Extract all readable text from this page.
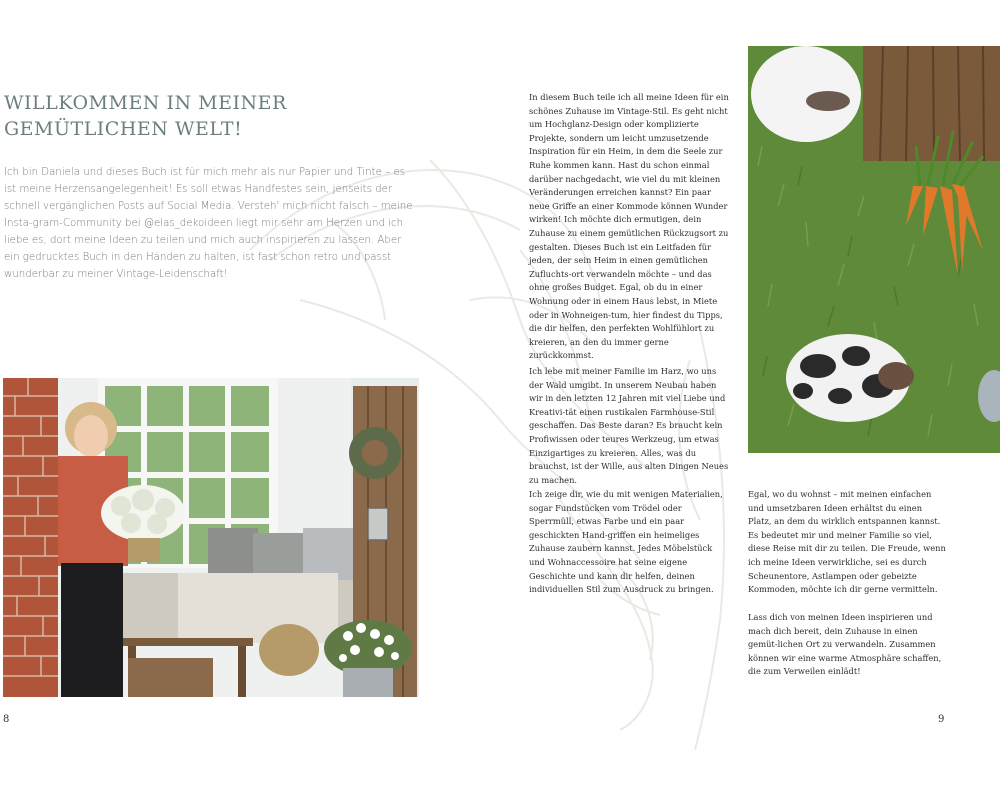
WILLKOMMEN IN MEINER
GEMÜTLICHEN WELT!

Ich bin Daniela und dieses Buch ist für mich mehr als nur Papier und Tinte – es ist meine Herzensangelegenheit! Es soll etwas Handfestes sein, jenseits der schnell vergänglichen Posts auf Social Media. Versteh' mich nicht falsch – meine Insta-gram-Community bei @elas_dekoideen liegt mir sehr am Herzen und ich liebe es, dort meine Ideen zu teilen und mich auch inspirieren zu lassen. Aber ein gedrucktes Buch in den Händen zu halten, ist fast schon retro und passt wunderbar zu meiner Vintage-Leidenschaft!

In diesem Buch teile ich all meine Ideen für ein schönes Zuhause im Vintage-Stil. Es geht nicht um Hochglanz-Design oder komplizierte Projekte, sondern um leicht umzusetzende Inspiration für ein Heim, in dem die Seele zur Ruhe kommen kann. Hast du schon einmal darüber nachgedacht, wie viel du mit kleinen Veränderungen erreichen kannst? Ein paar neue Griffe an einer Kommode können Wunder wirken! Ich möchte dich ermutigen, dein Zuhause zu einem gemütlichen Rückzugsort zu gestalten. Dieses Buch ist ein Leitfaden für jeden, der sein Heim in einen gemütlichen Zufluchts-ort verwandeln möchte – und das ohne großes Budget. Egal, ob du in einer Wohnung oder in einem Haus lebst, in Miete oder in Wohneigen-tum, hier findest du Tipps, die dir helfen, den perfekten Wohlfühlort zu kreieren, an den du immer gerne zurückkommst.

Ich lebe mit meiner Familie im Harz, wo uns der Wald umgibt. In unserem Neubau haben wir in den letzten 12 Jahren mit viel Liebe und Kreativi-tät einen rustikalen Farmhouse-Stil geschaffen. Das Beste daran? Es braucht kein Profiwissen oder teures Werkzeug, um etwas Einzigartiges zu kreieren. Alles, was du brauchst, ist der Wille, aus alten Dingen Neues zu machen.

Ich zeige dir, wie du mit wenigen Materialien, sogar Fundstücken vom Trödel oder Sperrmüll, etwas Farbe und ein paar geschickten Hand-griffen ein heimeliges Zuhause zaubern kannst. Jedes Möbelstück und Wohnaccessoire hat seine eigene Geschichte und kann dir helfen, deinen individuellen Stil zum Ausdruck zu bringen.

Egal, wo du wohnst – mit meinen einfachen und umsetzbaren Ideen erhältst du einen Platz, an dem du wirklich entspannen kannst. Es bedeutet mir und meiner Familie so viel, diese Reise mit dir zu teilen. Die Freude, wenn ich meine Ideen verwirkliche, sei es durch Scheunentore, Astlampen oder gebeizte Kommoden, möchte ich dir gerne vermitteln.

Lass dich von meinen Ideen inspirieren und mach dich bereit, dein Zuhause in einen gemüt-lichen Ort zu verwandeln. Zusammen können wir eine warme Atmosphäre schaffen, die zum Verweilen einlädt!

8	9
